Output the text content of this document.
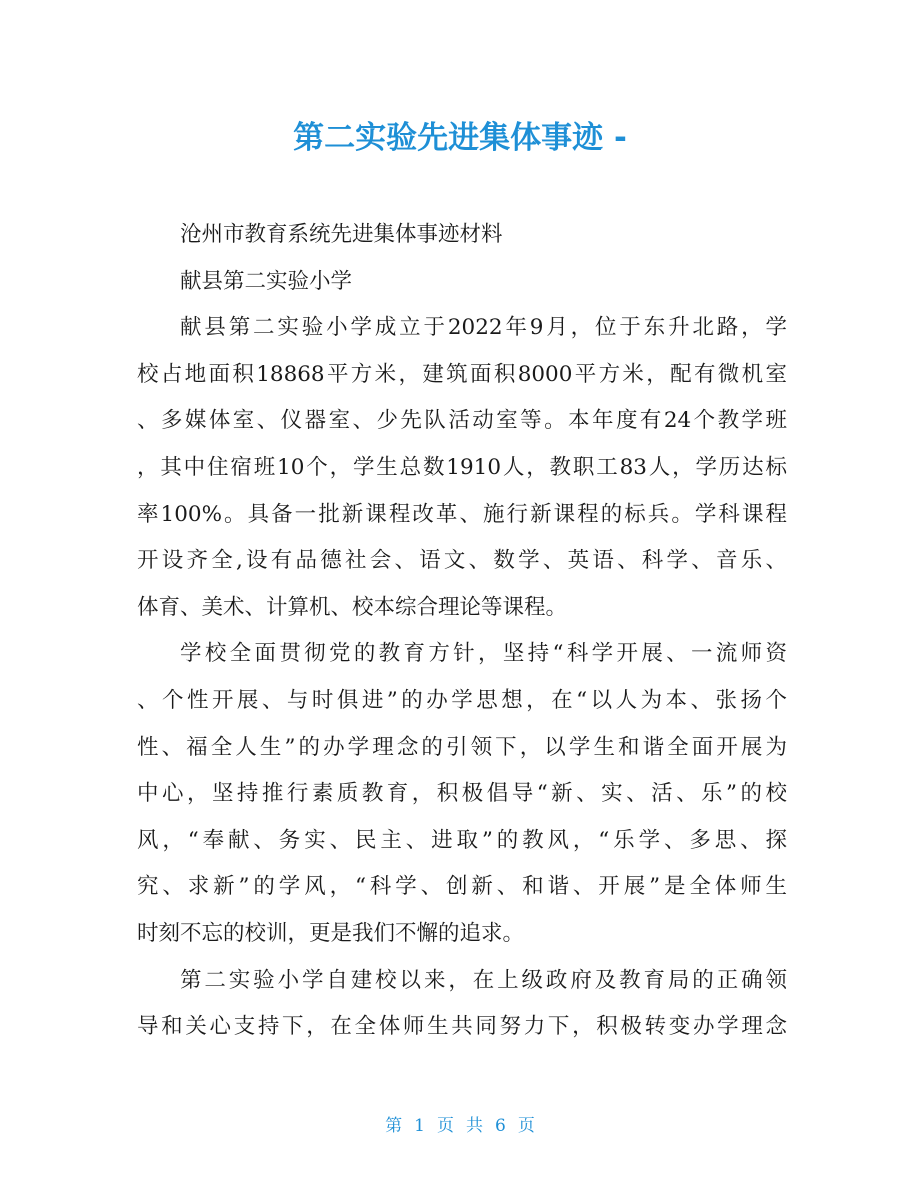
第二实验先进集体事迹 -
沧州市教育系统先进集体事迹材料
献县第二实验小学
献县第二实验小学成立于2022年9月，位于东升北路，学
校占地面积18868平方米，建筑面积8000平方米，配有微机室
、多媒体室、仪器室、少先队活动室等。本年度有24个教学班
，其中住宿班10个，学生总数1910人，教职工83人，学历达标
率100%。具备一批新课程改革、施行新课程的标兵。学科课程
开设齐全,设有品德社会、语文、数学、英语、科学、音乐、
体育、美术、计算机、校本综合理论等课程。
学校全面贯彻党的教育方针，坚持“科学开展、一流师资
、个性开展、与时俱进”的办学思想，在“以人为本、张扬个
性、福全人生”的办学理念的引领下，以学生和谐全面开展为
中心，坚持推行素质教育，积极倡导“新、实、活、乐”的校
风，“奉献、务实、民主、进取”的教风，“乐学、多思、探
究、求新”的学风，“科学、创新、和谐、开展”是全体师生
时刻不忘的校训，更是我们不懈的追求。
第二实验小学自建校以来，在上级政府及教育局的正确领
导和关心支持下，在全体师生共同努力下，积极转变办学理念
第 1 页 共 6 页
